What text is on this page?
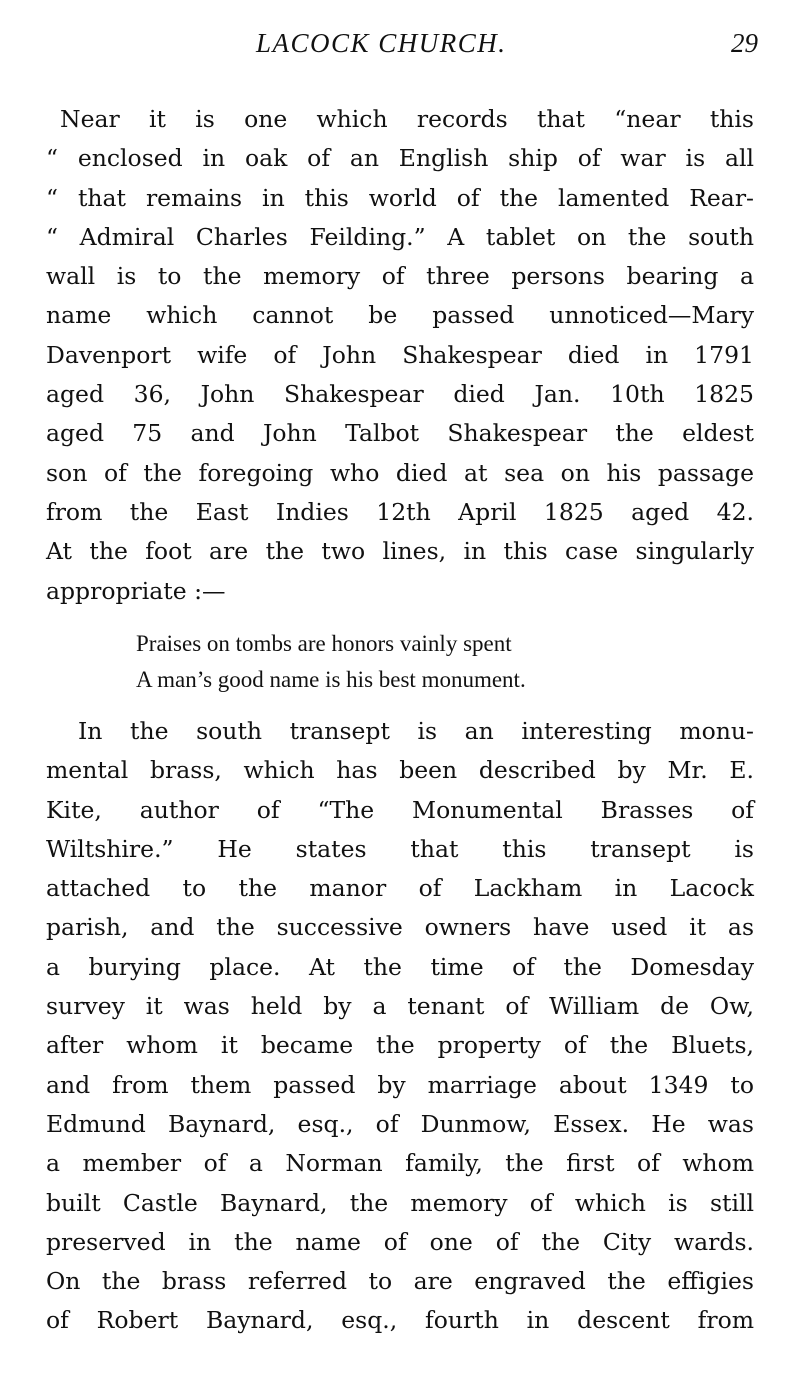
LACOCK CHURCH.	29
Near it is one which records that “near this
“ enclosed in oak of an English ship of war is all
“ that remains in this world of the lamented Rear-
“ Admiral Charles Feilding.” A tablet on the south
wall is to the memory of three persons bearing a
name which cannot be passed unnoticed—Mary
Davenport wife of John Shakespear died in 1791
aged 36, John Shakespear died Jan. 10th 1825
aged 75 and John Talbot Shakespear the eldest
son of the foregoing who died at sea on his passage
from the East Indies 12th April 1825 aged 42.
At the foot are the two lines, in this case singularly
appropriate :—
Praises on tombs are honors vainly spent
A man’s good name is his best monument.
In the south transept is an interesting monu-
mental brass, which has been described by Mr. E.
Kite, author of “The Monumental Brasses of
Wiltshire.” He states that this transept is
attached to the manor of Lackham in Lacock
parish, and the successive owners have used it as
a burying place. At the time of the Domesday
survey it was held by a tenant of William de Ow,
after whom it became the property of the Bluets,
and from them passed by marriage about 1349 to
Edmund Baynard, esq., of Dunmow, Essex. He was
a member of a Norman family, the first of whom
built Castle Baynard, the memory of which is still
preserved in the name of one of the City wards.
On the brass referred to are engraved the effigies
of Robert Baynard, esq., fourth in descent from
